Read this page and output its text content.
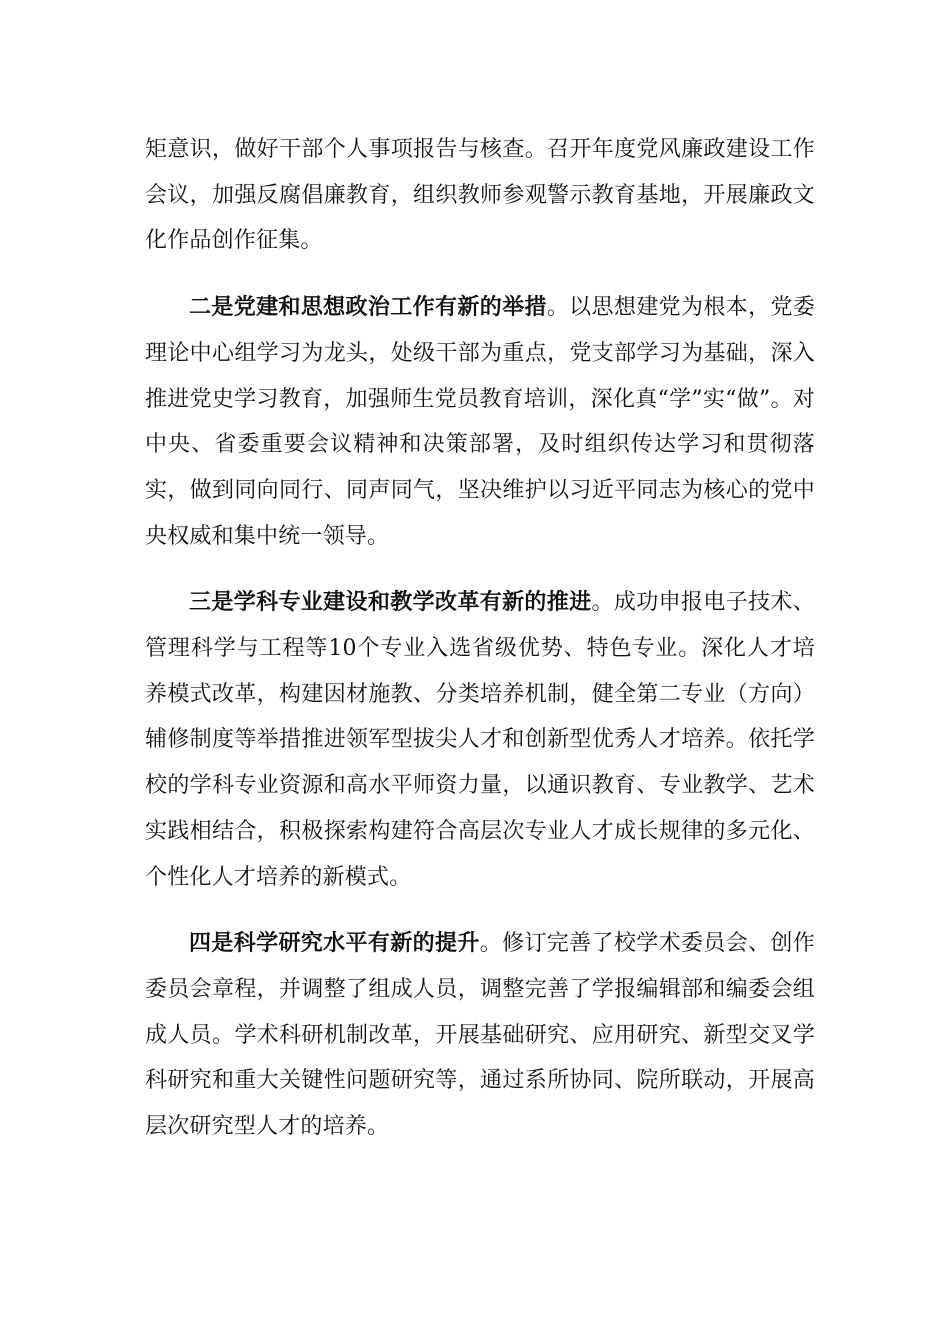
矩意识，做好干部个人事项报告与核查。召开年度党风廉政建设工作会议，加强反腐倡廉教育，组织教师参观警示教育基地，开展廉政文化作品创作征集。

二是党建和思想政治工作有新的举措。以思想建党为根本，党委理论中心组学习为龙头，处级干部为重点，党支部学习为基础，深入推进党史学习教育，加强师生党员教育培训，深化真“学”实“做”。对中央、省委重要会议精神和决策部署，及时组织传达学习和贯彻落实，做到同向同行、同声同气，坚决维护以习近平同志为核心的党中央权威和集中统一领导。

三是学科专业建设和教学改革有新的推进。成功申报电子技术、管理科学与工程等10个专业入选省级优势、特色专业。深化人才培养模式改革，构建因材施教、分类培养机制，健全第二专业（方向）辅修制度等举措推进领军型拔尖人才和创新型优秀人才培养。依托学校的学科专业资源和高水平师资力量，以通识教育、专业教学、艺术实践相结合，积极探索构建符合高层次专业人才成长规律的多元化、个性化人才培养的新模式。

四是科学研究水平有新的提升。修订完善了校学术委员会、创作委员会章程，并调整了组成人员，调整完善了学报编辑部和编委会组成人员。学术科研机制改革，开展基础研究、应用研究、新型交叉学科研究和重大关键性问题研究等，通过系所协同、院所联动，开展高层次研究型人才的培养。
